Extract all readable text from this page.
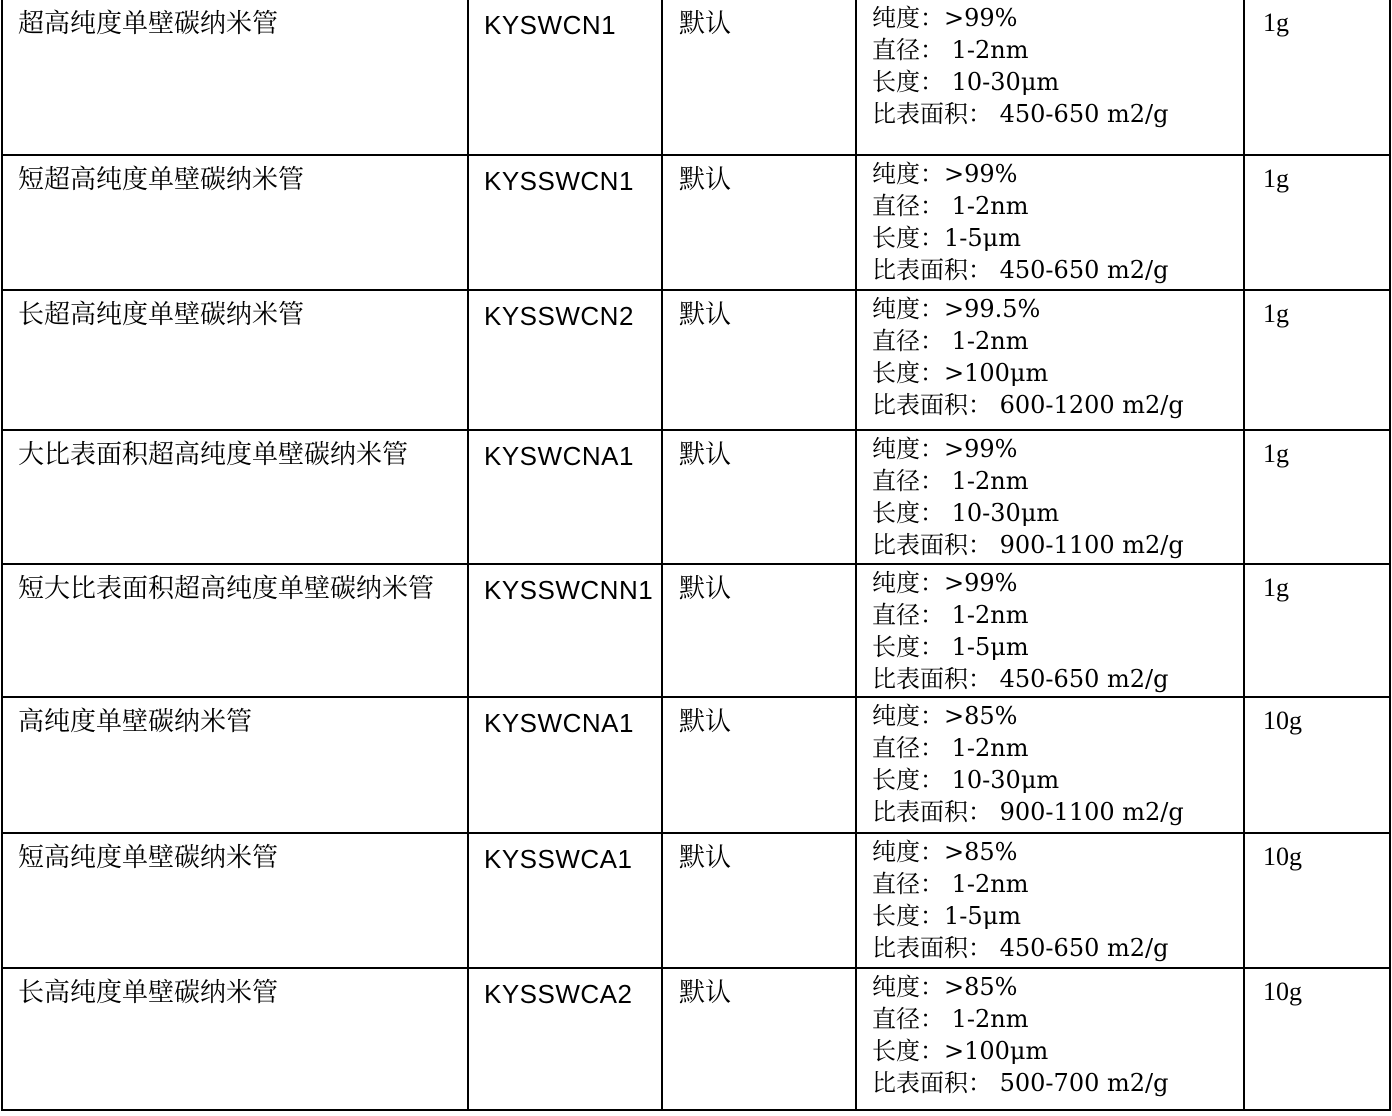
超高纯度单壁碳纳米管	KYSWCN1	默认	纯度：>99%
直径： 1-2nm
长度： 10-30μm
比表面积： 450-650 m2/g	1g

短超高纯度单壁碳纳米管	KYSSWCN1	默认	纯度：>99%
直径： 1-2nm
长度：1-5μm
比表面积： 450-650 m2/g	1g

长超高纯度单壁碳纳米管	KYSSWCN2	默认	纯度：>99.5%
直径： 1-2nm
长度：>100μm
比表面积： 600-1200 m2/g	1g

大比表面积超高纯度单壁碳纳米管	KYSWCNA1	默认	纯度：>99%
直径： 1-2nm
长度： 10-30μm
比表面积： 900-1100 m2/g	1g

短大比表面积超高纯度单壁碳纳米管	KYSSWCNN1	默认	纯度：>99%
直径： 1-2nm
长度： 1-5μm
比表面积： 450-650 m2/g	1g

高纯度单壁碳纳米管	KYSWCNA1	默认	纯度：>85%
直径： 1-2nm
长度： 10-30μm
比表面积： 900-1100 m2/g	10g

短高纯度单壁碳纳米管	KYSSWCA1	默认	纯度：>85%
直径： 1-2nm
长度：1-5μm
比表面积： 450-650 m2/g	10g

长高纯度单壁碳纳米管	KYSSWCA2	默认	纯度：>85%
直径： 1-2nm
长度：>100μm
比表面积： 500-700 m2/g	10g
